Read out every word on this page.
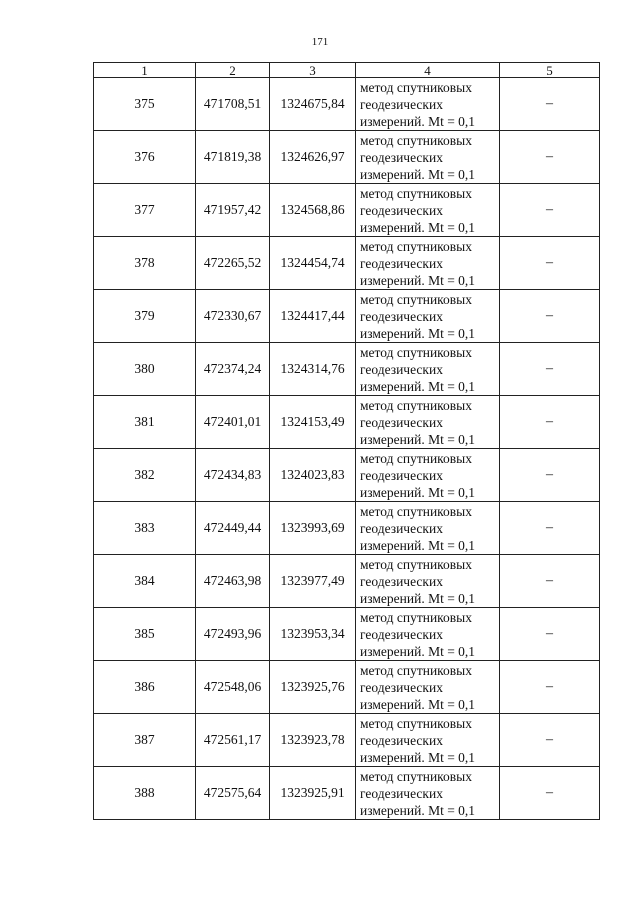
171
1	2	3	4	5
375	471708,51	1324675,84	метод спутниковых
геодезических
измерений. Mt = 0,1	–
376	471819,38	1324626,97	метод спутниковых
геодезических
измерений. Mt = 0,1	–
377	471957,42	1324568,86	метод спутниковых
геодезических
измерений. Mt = 0,1	–
378	472265,52	1324454,74	метод спутниковых
геодезических
измерений. Mt = 0,1	–
379	472330,67	1324417,44	метод спутниковых
геодезических
измерений. Mt = 0,1	–
380	472374,24	1324314,76	метод спутниковых
геодезических
измерений. Mt = 0,1	–
381	472401,01	1324153,49	метод спутниковых
геодезических
измерений. Mt = 0,1	–
382	472434,83	1324023,83	метод спутниковых
геодезических
измерений. Mt = 0,1	–
383	472449,44	1323993,69	метод спутниковых
геодезических
измерений. Mt = 0,1	–
384	472463,98	1323977,49	метод спутниковых
геодезических
измерений. Mt = 0,1	–
385	472493,96	1323953,34	метод спутниковых
геодезических
измерений. Mt = 0,1	–
386	472548,06	1323925,76	метод спутниковых
геодезических
измерений. Mt = 0,1	–
387	472561,17	1323923,78	метод спутниковых
геодезических
измерений. Mt = 0,1	–
388	472575,64	1323925,91	метод спутниковых
геодезических
измерений. Mt = 0,1	–
